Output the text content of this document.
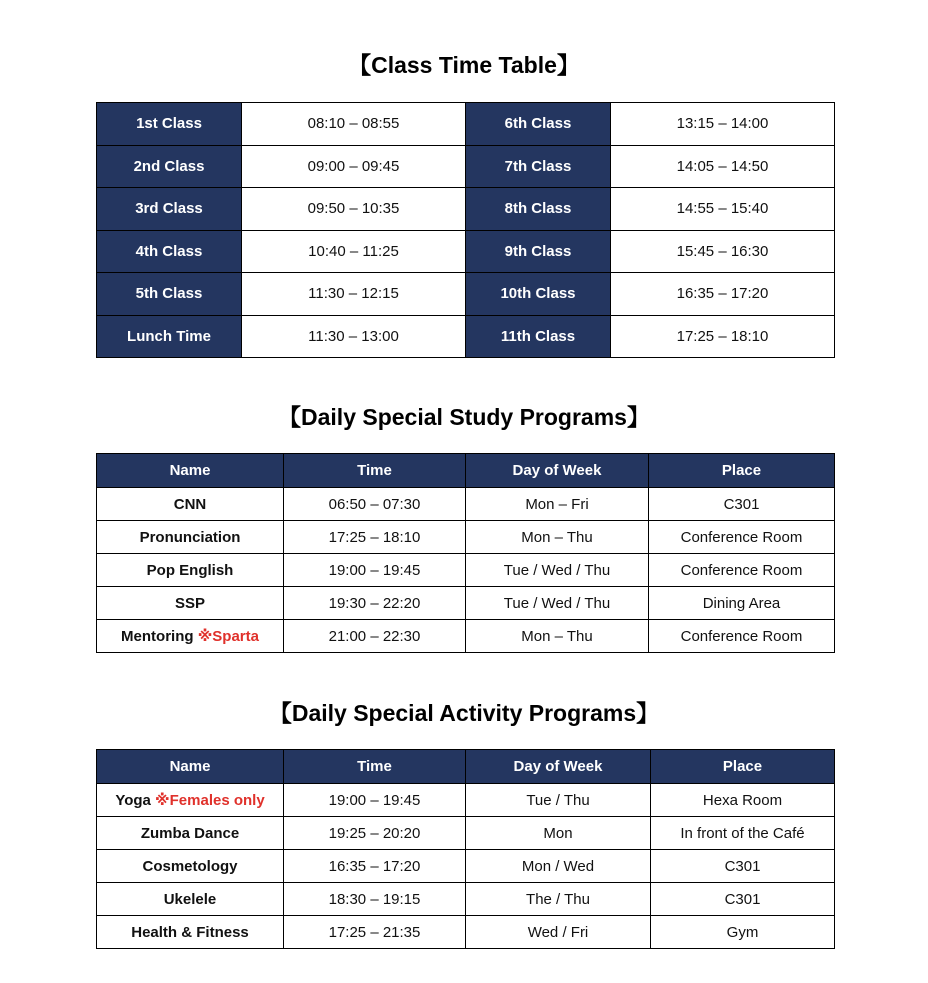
【Class Time Table】
1st Class	08:10 – 08:55	6th Class	13:15 – 14:00
2nd Class	09:00 – 09:45	7th Class	14:05 – 14:50
3rd Class	09:50 – 10:35	8th Class	14:55 – 15:40
4th Class	10:40 – 11:25	9th Class	15:45 – 16:30
5th Class	11:30 – 12:15	10th Class	16:35 – 17:20
Lunch Time	11:30 – 13:00	11th Class	17:25 – 18:10
【Daily Special Study Programs】
Name	Time	Day of Week	Place
CNN	06:50 – 07:30	Mon – Fri	C301
Pronunciation	17:25 – 18:10	Mon – Thu	Conference Room
Pop English	19:00 – 19:45	Tue / Wed / Thu	Conference Room
SSP	19:30 – 22:20	Tue / Wed / Thu	Dining Area
Mentoring ※Sparta	21:00 – 22:30	Mon – Thu	Conference Room
【Daily Special Activity Programs】
Name	Time	Day of Week	Place
Yoga ※Females only	19:00 – 19:45	Tue / Thu	Hexa Room
Zumba Dance	19:25 – 20:20	Mon	In front of the Café
Cosmetology	16:35 – 17:20	Mon / Wed	C301
Ukelele	18:30 – 19:15	The / Thu	C301
Health & Fitness	17:25 – 21:35	Wed / Fri	Gym
